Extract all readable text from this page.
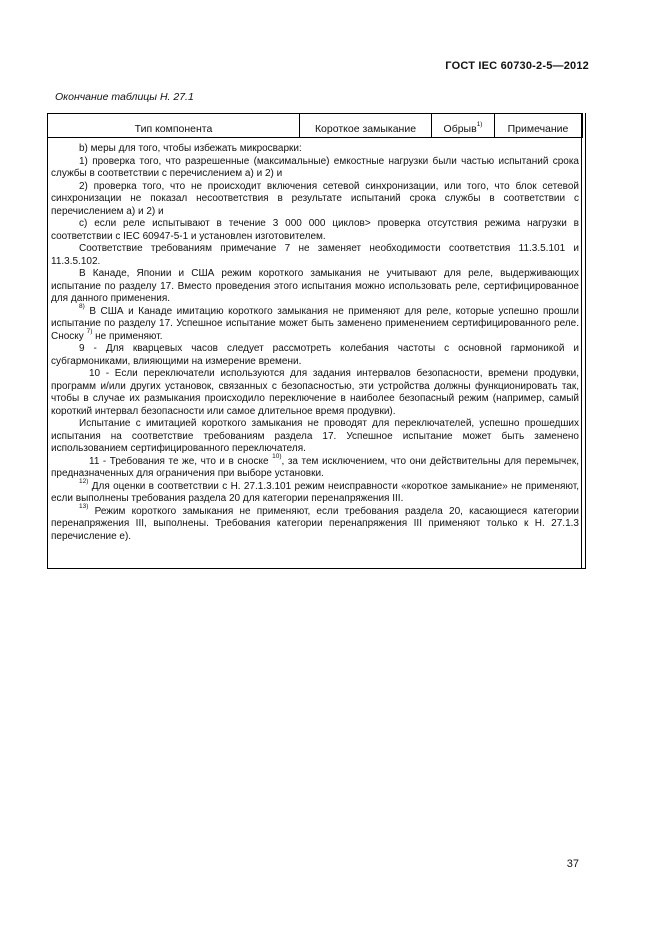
ГОСТ IEC 60730-2-5—2012
Окончание таблицы Н. 27.1
Тип компонента	Короткое замыкание	Обрыв$^{1)}$ Примечание

b) меры для того, чтобы избежать микросварки:

1) проверка того, что разрешенные (максимальные) емкостные нагрузки были частью испытаний срока службы в соответствии с перечислением a) и 2) и

2) проверка того, что не происходит включения сетевой синхронизации, или того, что блок сетевой синхронизации не показал несоответствия в результате испытаний срока службы в соответствии с перечислением a) и 2) и

c) если реле испытывают в течение 3 000 000 циклов> проверка отсутствия режима нагрузки в соответствии с IEC 60947-5-1 и установлен изготовителем.

Соответствие требованиям примечание 7 не заменяет необходимости соответствия 11.3.5.101 и 11.3.5.102.

В Канаде, Японии и США режим короткого замыкания не учитывают для реле, выдерживающих испытание по разделу 17. Вместо проведения этого испытания можно использовать реле, сертифицированное для данного применения.

$^{8)}$ В США и Канаде имитацию короткого замыкания не применяют для реле, которые успешно прошли испытание по разделу 17. Успешное испытание может быть заменено применением сертифицированного реле. Сноску $^{7)}$ не применяют.

9 - Для кварцевых часов следует рассмотреть колебания частоты с основной гармоникой и субгармониками, влияющими на измерение времени.

10 - Если переключатели используются для задания интервалов безопасности, времени продувки, программ и/или других установок, связанных с безопасностью, эти устройства должны функционировать так, чтобы в случае их размыкания происходило переключение в наиболее безопасный режим (например, самый короткий интервал безопасности или самое длительное время продувки).

Испытание с имитацией короткого замыкания не проводят для переключателей, успешно прошедших испытания на соответствие требованиям раздела 17. Успешное испытание может быть заменено использованием сертифицированного переключателя.

11 - Требования те же, что и в сноске $^{10)}$, за тем исключением, что они действительны для перемычек, предназначенных для ограничения при выборе установки.

$^{12)}$ Для оценки в соответствии с Н. 27.1.3.101 режим неисправности «короткое замыкание» не применяют, если выполнены требования раздела 20 для категории перенапряжения III.

$^{13)}$ Режим короткого замыкания не применяют, если требования раздела 20, касающиеся категории перенапряжения III, выполнены. Требования категории перенапряжения III применяют только к Н. 27.1.3 перечисление e).

37
